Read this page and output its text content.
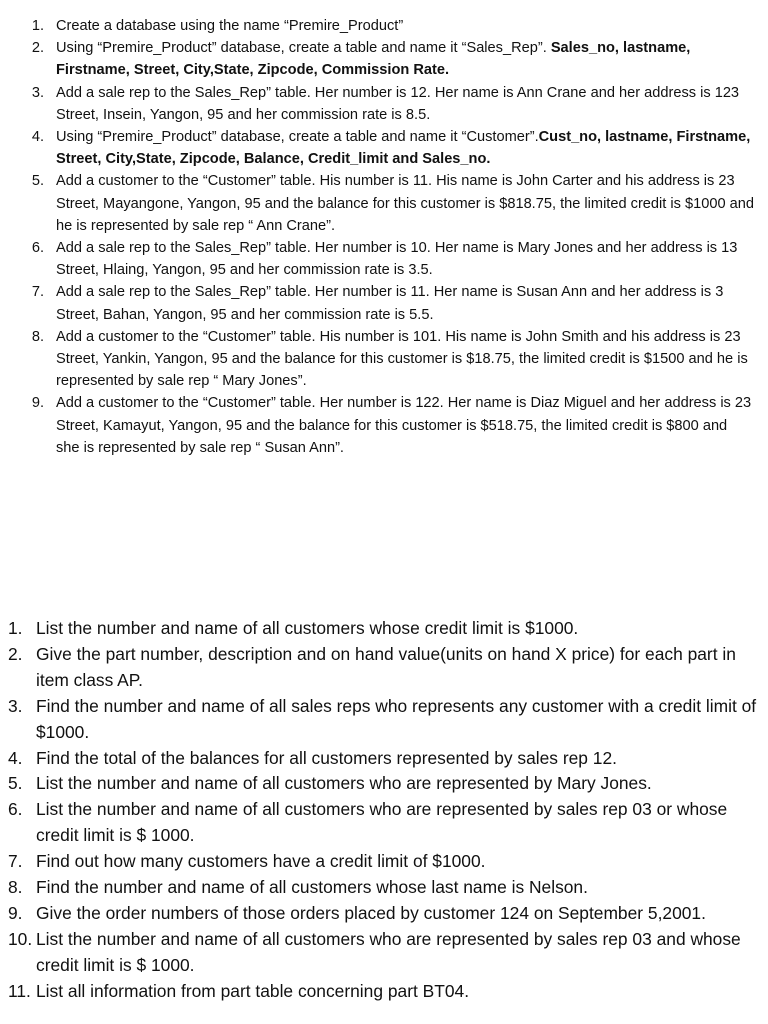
1. Create a database using the name “Premire_Product”
2. Using “Premire_Product” database, create a table and name it “Sales_Rep”. Sales_no, lastname, Firstname, Street, City,State, Zipcode, Commission Rate.
3. Add a sale rep to the Sales_Rep” table. Her number is 12. Her name is Ann Crane and her address is 123 Street, Insein, Yangon, 95 and her commission rate is 8.5.
4. Using “Premire_Product” database, create a table and name it “Customer”.Cust_no, lastname, Firstname, Street, City,State, Zipcode, Balance, Credit_limit and Sales_no.
5. Add a customer to the “Customer” table. His number is 11. His name is John Carter and his address is 23 Street, Mayangone, Yangon, 95 and the balance for this customer is $818.75, the limited credit is $1000 and he is represented by sale rep “ Ann Crane”.
6. Add a sale rep to the Sales_Rep” table. Her number is 10. Her name is Mary Jones and her address is 13 Street, Hlaing, Yangon, 95 and her commission rate is 3.5.
7. Add a sale rep to the Sales_Rep” table. Her number is 11. Her name is Susan Ann and her address is 3 Street, Bahan, Yangon, 95 and her commission rate is 5.5.
8. Add a customer to the “Customer” table. His number is 101. His name is John Smith and his address is 23 Street, Yankin, Yangon, 95 and the balance for this customer is $18.75, the limited credit is $1500 and he is represented by sale rep “ Mary Jones”.
9. Add a customer to the “Customer” table. Her number is 122. Her name is Diaz Miguel and her address is 23 Street, Kamayut, Yangon, 95 and the balance for this customer is $518.75, the limited credit is $800 and she is represented by sale rep “ Susan Ann”.
1. List the number and name of all customers whose credit limit is $1000.
2. Give the part number, description and on hand value(units on hand X price) for each part in item class AP.
3. Find the number and name of all sales reps who represents any customer with a credit limit of $1000.
4. Find the total of the balances for all customers represented by sales rep 12.
5. List the number and name of all customers who are represented by Mary Jones.
6. List the number and name of all customers who are represented by sales rep 03 or whose credit limit is $ 1000.
7. Find out how many customers have a credit limit of $1000.
8. Find the number and name of all customers whose last name is Nelson.
9. Give the order numbers of those orders placed by customer 124 on September 5,2001.
10. List the number and name of all customers who are represented by sales rep 03 and whose credit limit is $ 1000.
11. List all information from part table concerning part BT04.
